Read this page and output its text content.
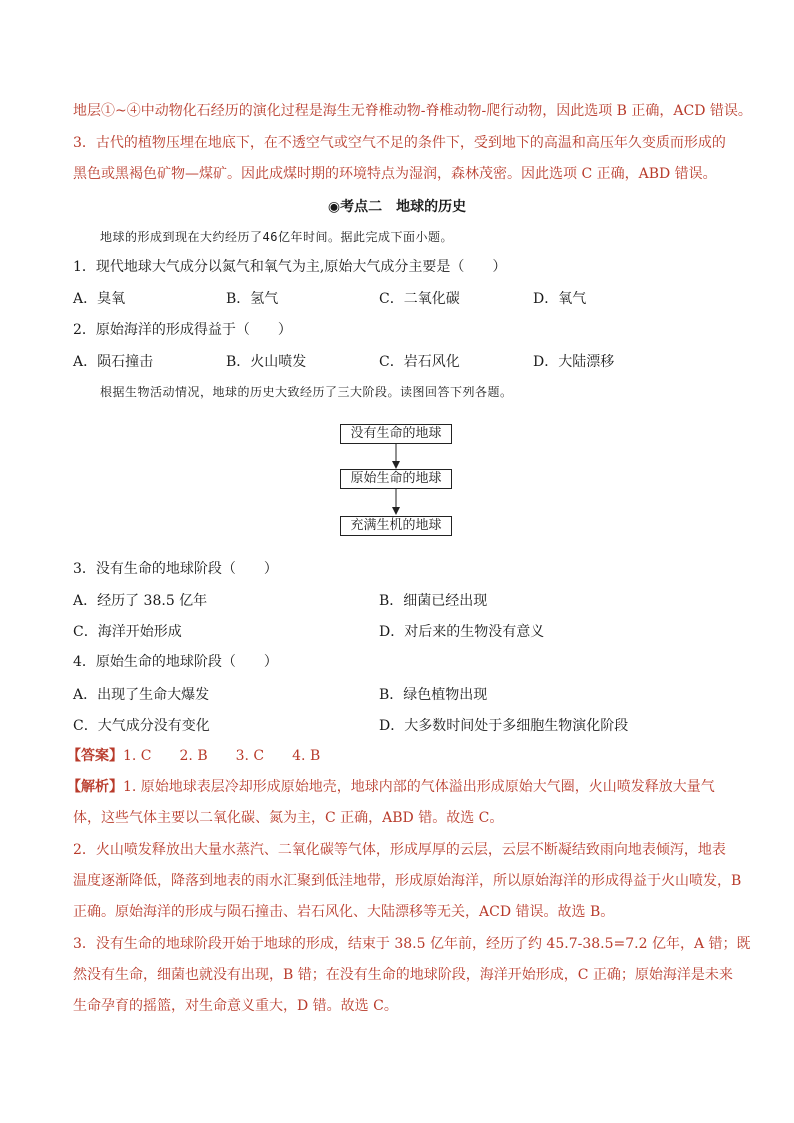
地层①~④中动物化石经历的演化过程是海生无脊椎动物-脊椎动物-爬行动物，因此选项 B 正确，ACD 错误。
3．古代的植物压埋在地底下，在不透空气或空气不足的条件下，受到地下的高温和高压年久变质而形成的
黑色或黑褐色矿物—煤矿。因此成煤时期的环境特点为湿润，森林茂密。因此选项 C 正确，ABD 错误。
◉考点二　地球的历史
地球的形成到现在大约经历了46亿年时间。据此完成下面小题。
1．现代地球大气成分以氮气和氧气为主,原始大气成分主要是（　　）
A．臭氧	B．氢气	C．二氧化碳	D．氧气
2．原始海洋的形成得益于（　　）
A．陨石撞击	B．火山喷发	C．岩石风化	D．大陆漂移
根据生物活动情况，地球的历史大致经历了三大阶段。读图回答下列各题。
没有生命的地球
原始生命的地球
充满生机的地球
3．没有生命的地球阶段（　　）
A．经历了 38.5 亿年	B．细菌已经出现
C．海洋开始形成	D．对后来的生物没有意义
4．原始生命的地球阶段（　　）
A．出现了生命大爆发	B．绿色植物出现
C．大气成分没有变化	D．大多数时间处于多细胞生物演化阶段
【答案】1. C　　2. B　　3. C　　4. B
【解析】1. 原始地球表层冷却形成原始地壳，地球内部的气体溢出形成原始大气圈，火山喷发释放大量气
体，这些气体主要以二氧化碳、氮为主，C 正确，ABD 错。故选 C。
2．火山喷发释放出大量水蒸汽、二氧化碳等气体，形成厚厚的云层，云层不断凝结致雨向地表倾泻，地表
温度逐渐降低，降落到地表的雨水汇聚到低洼地带，形成原始海洋，所以原始海洋的形成得益于火山喷发，B
正确。原始海洋的形成与陨石撞击、岩石风化、大陆漂移等无关，ACD 错误。故选 B。
3．没有生命的地球阶段开始于地球的形成，结束于 38.5 亿年前，经历了约 45.7-38.5=7.2 亿年，A 错；既
然没有生命，细菌也就没有出现，B 错；在没有生命的地球阶段，海洋开始形成，C 正确；原始海洋是未来
生命孕育的摇篮，对生命意义重大，D 错。故选 C。
